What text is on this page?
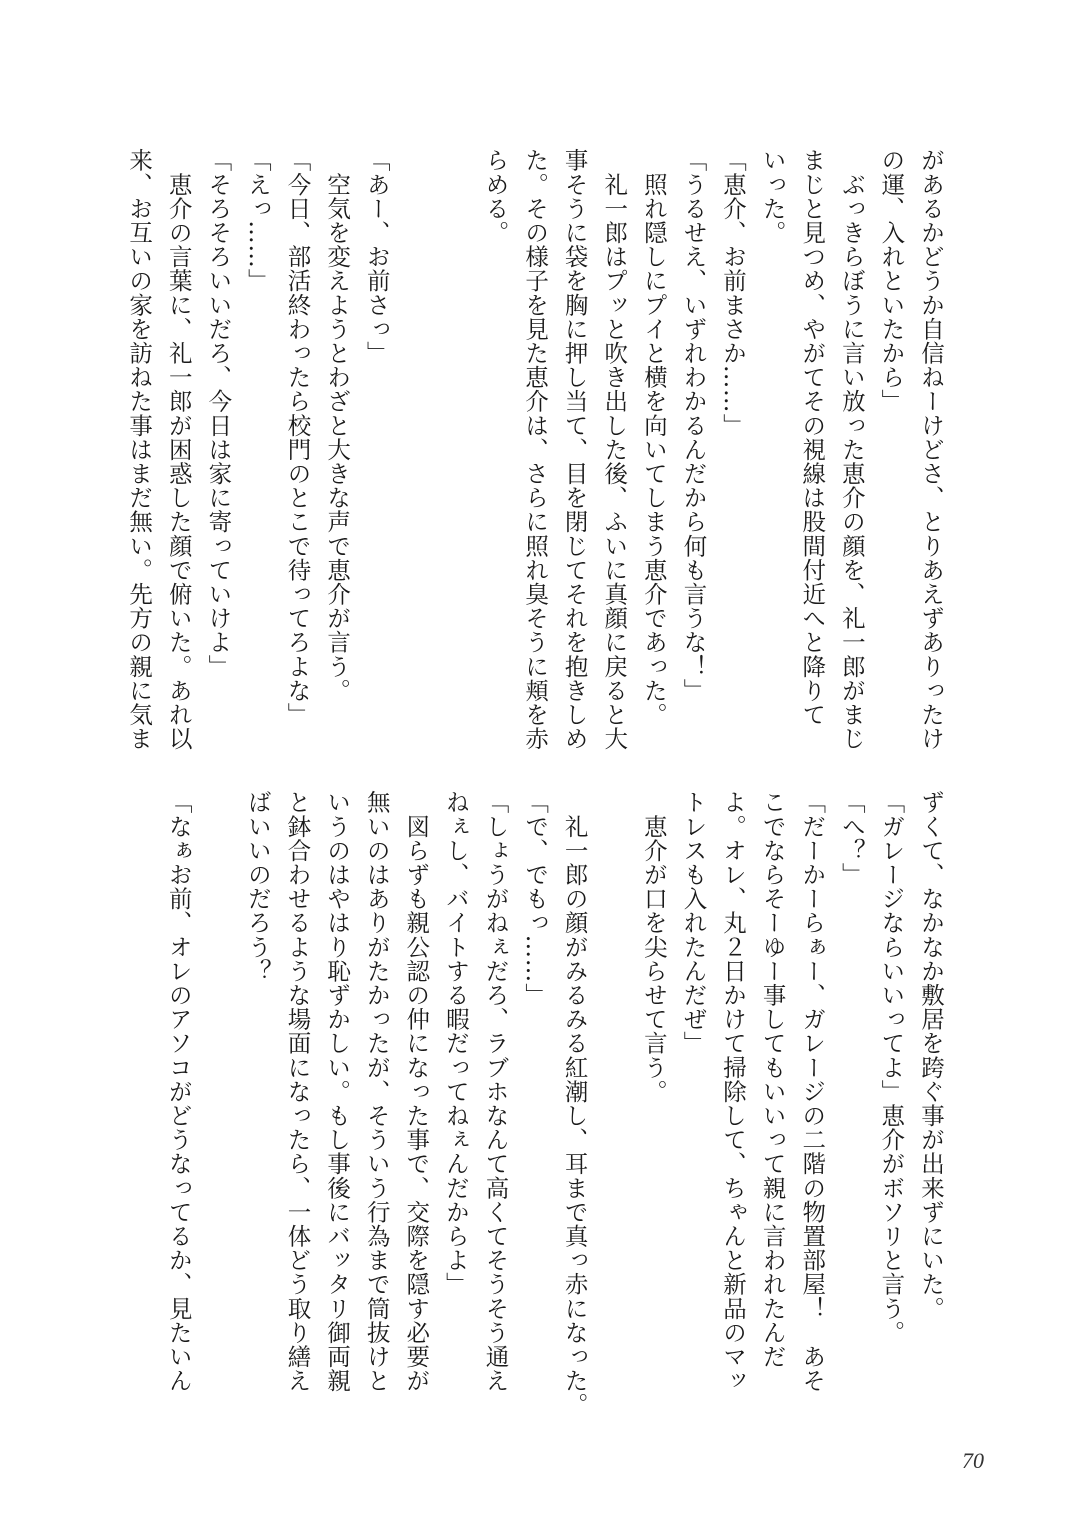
があるかどうか自信ねーけどさ、とりあえずありったけ
の運、入れといたから」
　ぶっきらぼうに言い放った恵介の顔を、礼一郎がまじ
まじと見つめ、やがてその視線は股間付近へと降りて
いった。
「恵介、お前まさか……」
「うるせえ、いずれわかるんだから何も言うな！」
　照れ隠しにプイと横を向いてしまう恵介であった。
　礼一郎はプッと吹き出した後、ふいに真顔に戻ると大
事そうに袋を胸に押し当て、目を閉じてそれを抱きしめ
た。その様子を見た恵介は、さらに照れ臭そうに頬を赤
らめる。

「あー、お前さっ」
　空気を変えようとわざと大きな声で恵介が言う。
「今日、部活終わったら校門のとこで待ってろよな」
「えっ……」
「そろそろいいだろ、今日は家に寄っていけよ」
　恵介の言葉に、礼一郎が困惑した顔で俯いた。あれ以
来、お互いの家を訪ねた事はまだ無い。先方の親に気ま
ずくて、なかなか敷居を跨ぐ事が出来ずにいた。
「ガレージならいいってよ」恵介がボソリと言う。
「へ？」
「だーかーらぁー、ガレージの二階の物置部屋！　あそ
こでならそーゆー事してもいいって親に言われたんだ
よ。オレ、丸２日かけて掃除して、ちゃんと新品のマッ
トレスも入れたんだぜ」
　恵介が口を尖らせて言う。

　礼一郎の顔がみるみる紅潮し、耳まで真っ赤になった。
「で、でもっ……」
「しょうがねぇだろ、ラブホなんて高くてそうそう通え
ねぇし、バイトする暇だってねぇんだからよ」
　図らずも親公認の仲になった事で、交際を隠す必要が
無いのはありがたかったが、そういう行為まで筒抜けと
いうのはやはり恥ずかしい。もし事後にバッタリ御両親
と鉢合わせるような場面になったら、一体どう取り繕え
ばいいのだろう？

「なぁお前、オレのアソコがどうなってるか、見たいん
70
